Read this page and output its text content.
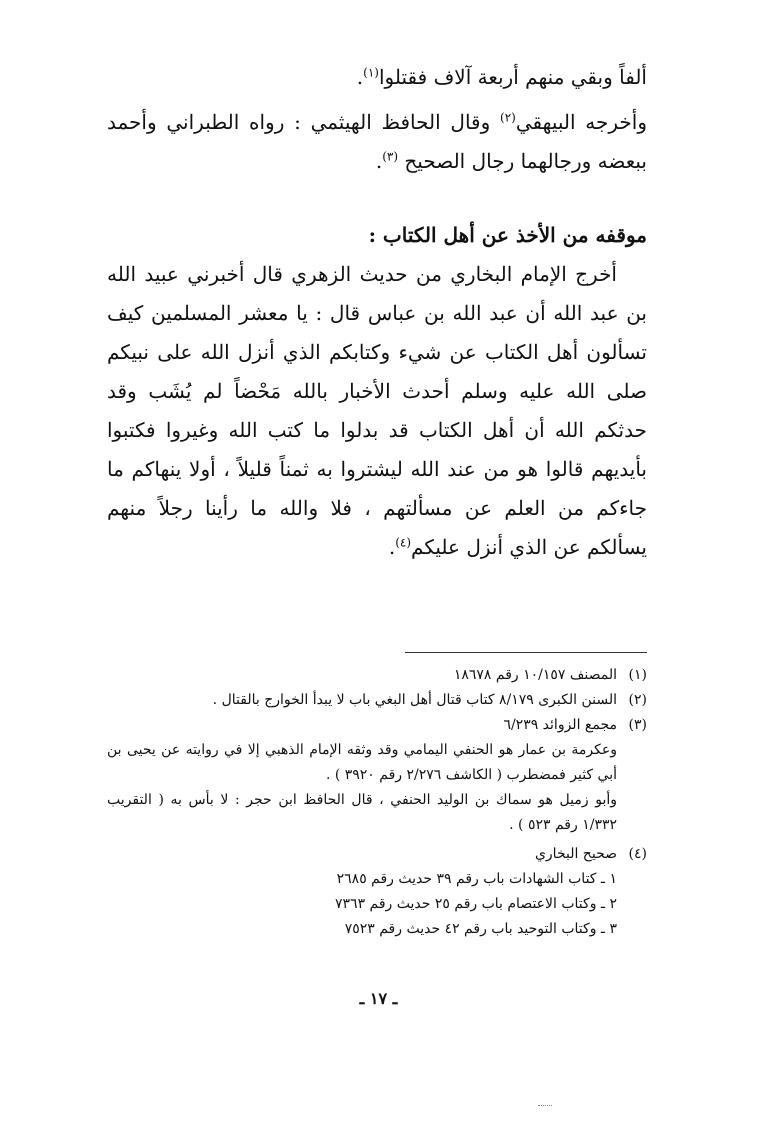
ألفاً وبقي منهم أربعة آلاف فقتلوا$^{(١)}$.

وأخرجه البيهقي$^{(٢)}$ وقال الحافظ الهيثمي : رواه الطبراني وأحمد ببعضه ورجالهما رجال الصحيح $^{(٣)}$.

موقفه من الأخذ عن أهل الكتاب :

أخرج الإمام البخاري من حديث الزهري قال أخبرني عبيد الله بن عبد الله أن عبد الله بن عباس قال : يا معشر المسلمين كيف تسألون أهل الكتاب عن شيء وكتابكم الذي أنزل الله على نبيكم صلى الله عليه وسلم أحدث الأخبار بالله مَحْضاً لم يُشَب وقد حدثكم الله أن أهل الكتاب قد بدلوا ما كتب الله وغيروا فكتبوا بأيديهم قالوا هو من عند الله ليشتروا به ثمناً قليلاً ، أولا ينهاكم ما جاءكم من العلم عن مسألتهم ، فلا والله ما رأينا رجلاً منهم يسألكم عن الذي أنزل عليكم$^{(٤)}$.

(١)

المصنف ١٠/١٥٧ رقم ١٨٦٧٨

(٢)

السنن الكبرى ٨/١٧٩ كتاب قتال أهل البغي باب لا يبدأ الخوارج بالقتال .

(٣)

مجمع الزوائد ٦/٢٣٩

وعكرمة بن عمار هو الحنفي اليمامي وقد وثقه الإمام الذهبي إلا في روايته عن يحيى بن أبي كثير فمضطرب ( الكاشف ٢/٢٧٦ رقم ٣٩٢٠ ) .

وأبو زميل هو سماك بن الوليد الحنفي ، قال الحافظ ابن حجر : لا بأس به ( التقريب ١/٣٣٢ رقم ٥٢٣ ) .

(٤)

صحيح البخاري

١ ـ كتاب الشهادات باب رقم ٣٩ حديث رقم ٢٦٨٥

٢ ـ وكتاب الاعتصام باب رقم ٢٥ حديث رقم ٧٣٦٣

٣ ـ وكتاب التوحيد باب رقم ٤٢ حديث رقم ٧٥٢٣

ـ ١٧ ـ
